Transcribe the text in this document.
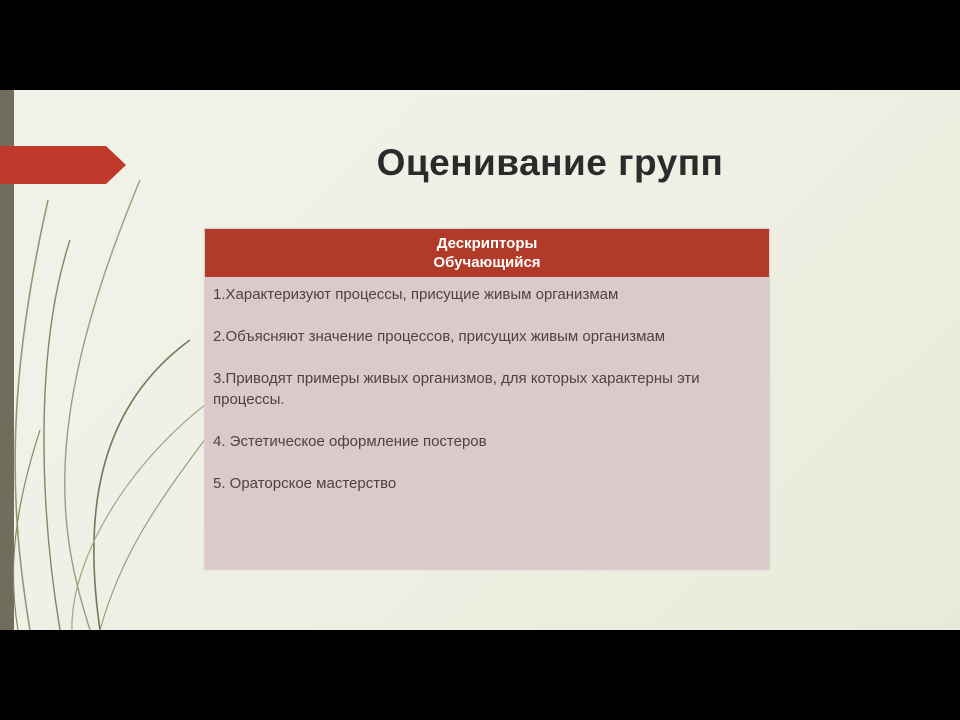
Оценивание групп
Дескрипторы
Обучающийся
1.Характеризуют процессы, присущие живым организмам
2.Объясняют значение процессов, присущих живым организмам
3.Приводят примеры живых организмов, для которых характерны эти процессы.
4. Эстетическое оформление постеров
5. Ораторское мастерство
